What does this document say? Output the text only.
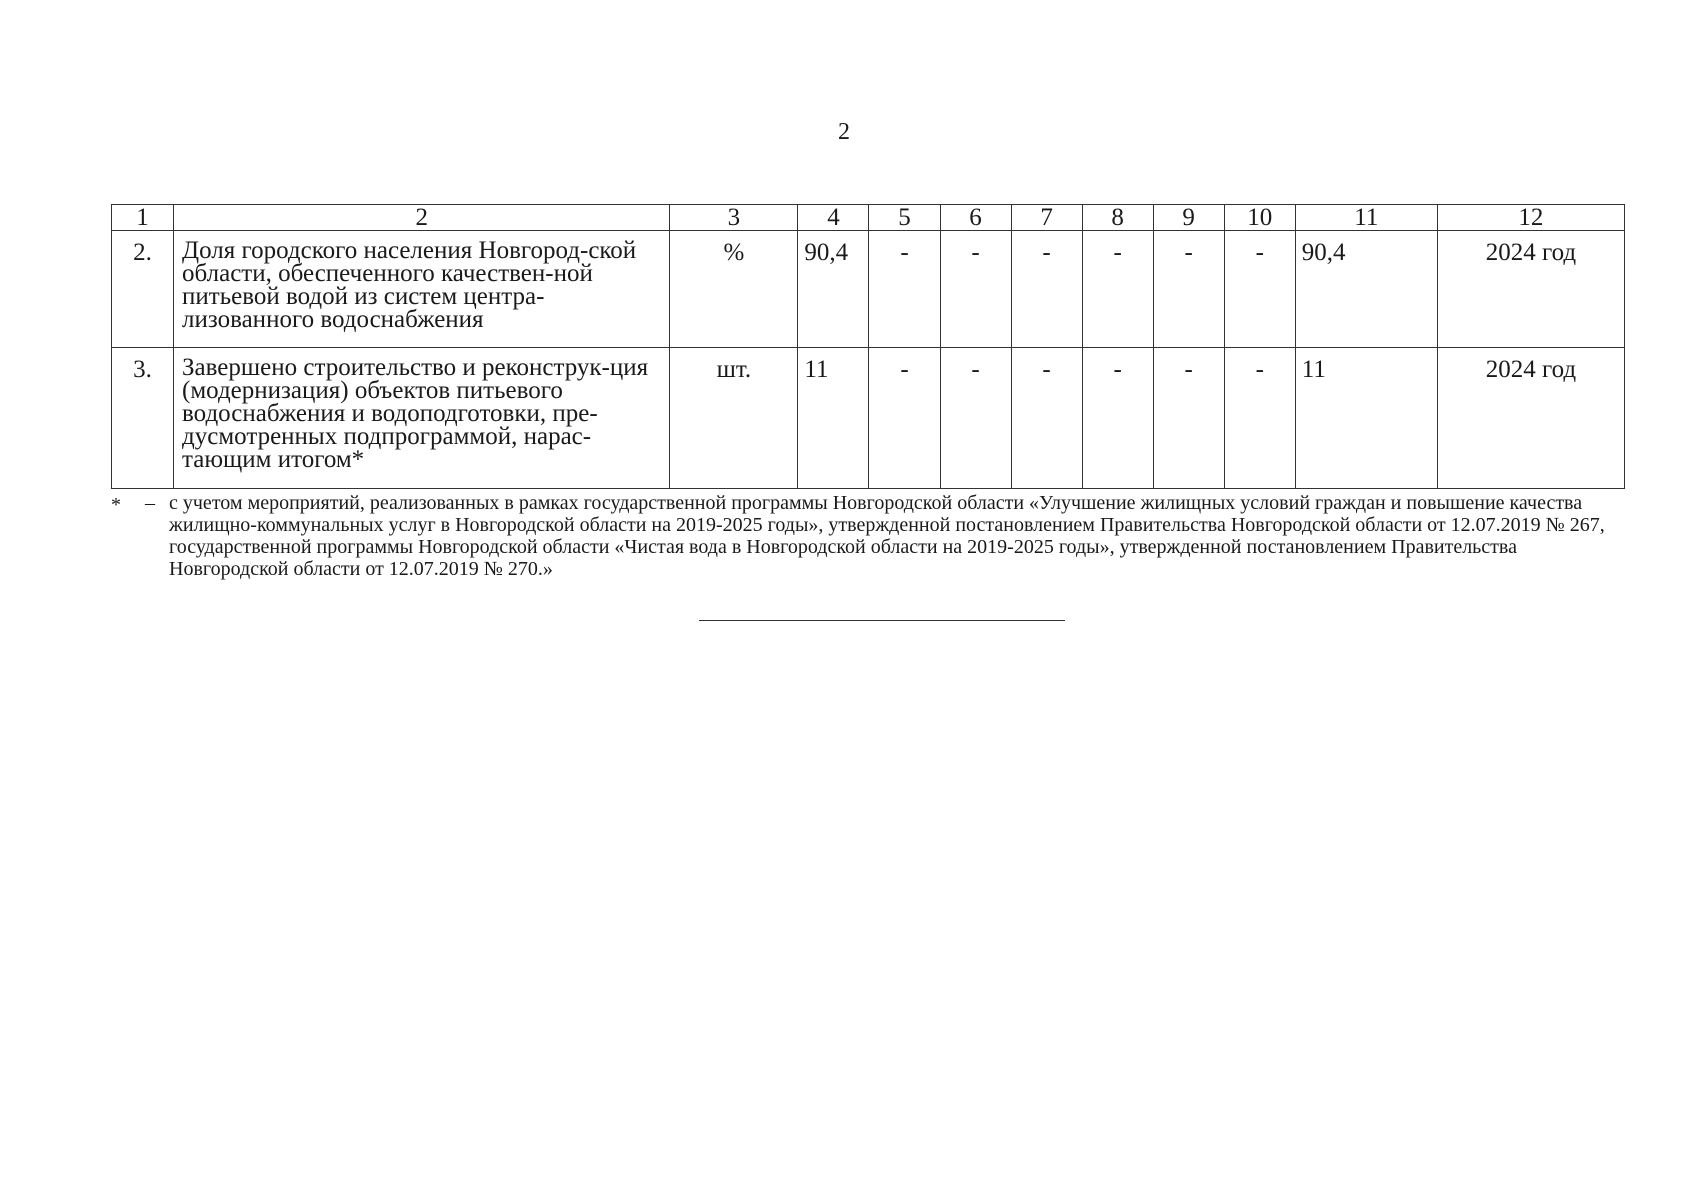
2
1	2	3	4	5	6	7	8	9	10	11	12
2.	Доля городского населения Новгород-ской области, обеспеченного качествен-ной питьевой водой из систем центра-лизованного водоснабжения	%	90,4	-	-	-	-	-	-	90,4	2024 год
3.	Завершено строительство и реконструк-ция (модернизация) объектов питьевого водоснабжения и водоподготовки, пре-дусмотренных подпрограммой, нарас-тающим итогом*	шт.	11	-	-	-	-	-	-	11	2024 год
* – с учетом мероприятий, реализованных в рамках государственной программы Новгородской области «Улучшение жилищных условий граждан и повышение качества жилищно-коммунальных услуг в Новгородской области на 2019-2025 годы», утвержденной постановлением Правительства Новгородской области от 12.07.2019 № 267, государственной программы Новгородской области «Чистая вода в Новгородской области на 2019-2025 годы», утвержденной постановлением Правительства Новгородской области от 12.07.2019 № 270.»
